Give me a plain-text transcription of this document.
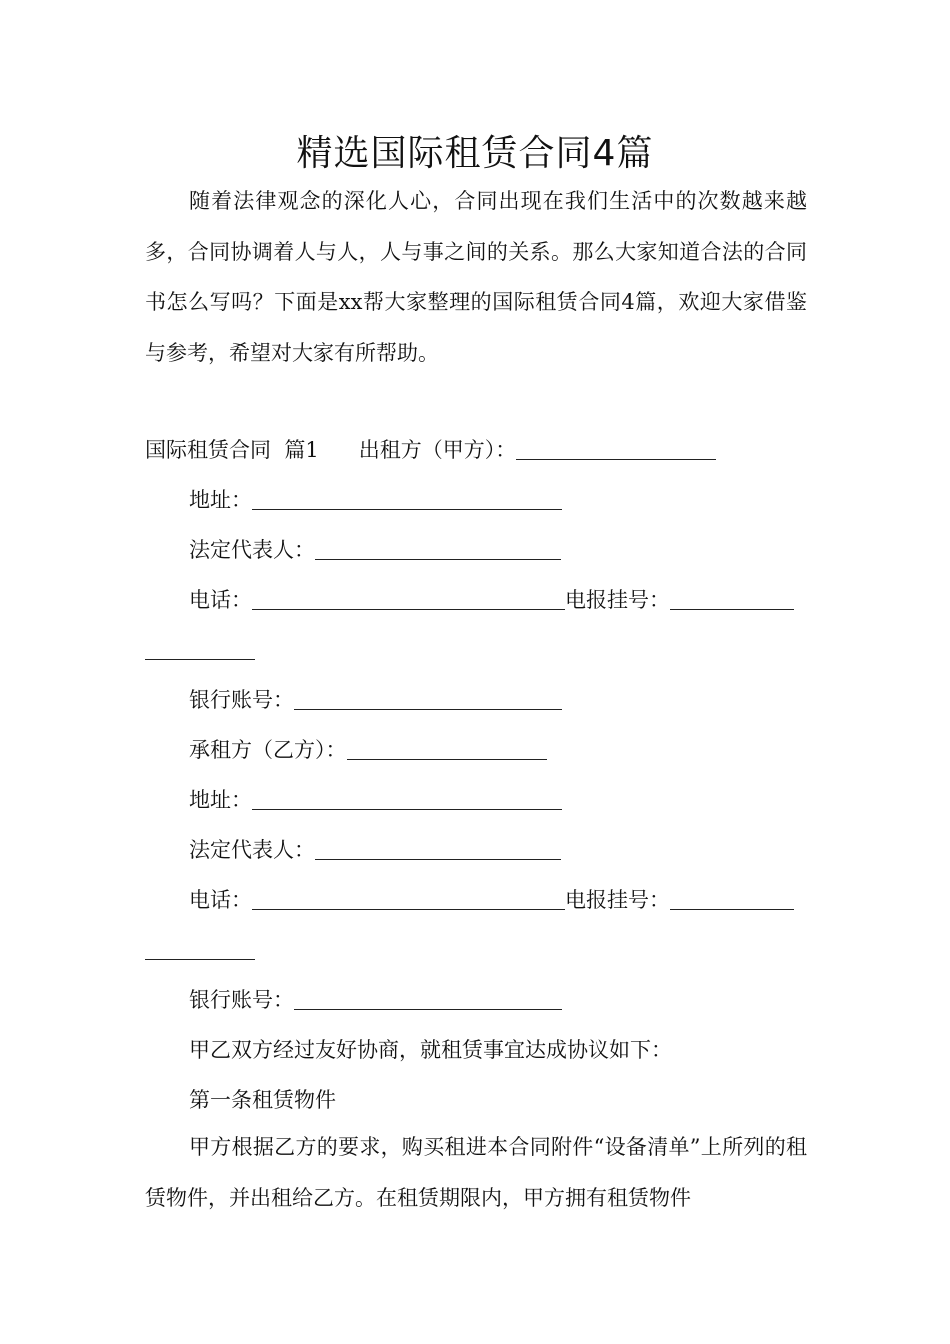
精选国际租赁合同4篇

随着法律观念的深化人心，合同出现在我们生活中的次数越来越多，合同协调着人与人，人与事之间的关系。那么大家知道合法的合同书怎么写吗？下面是xx帮大家整理的国际租赁合同4篇，欢迎大家借鉴与参考，希望对大家有所帮助。

国际租赁合同  篇1 出租方（甲方）：
地址：
法定代表人：
电话：	电报挂号：
银行账号：
承租方（乙方）：
地址：
法定代表人：
电话：	电报挂号：
银行账号：
甲乙双方经过友好协商，就租赁事宜达成协议如下：
第一条租赁物件

甲方根据乙方的要求，购买租进本合同附件“设备清单”上所列的租赁物件，并出租给乙方。在租赁期限内，甲方拥有租赁物件
